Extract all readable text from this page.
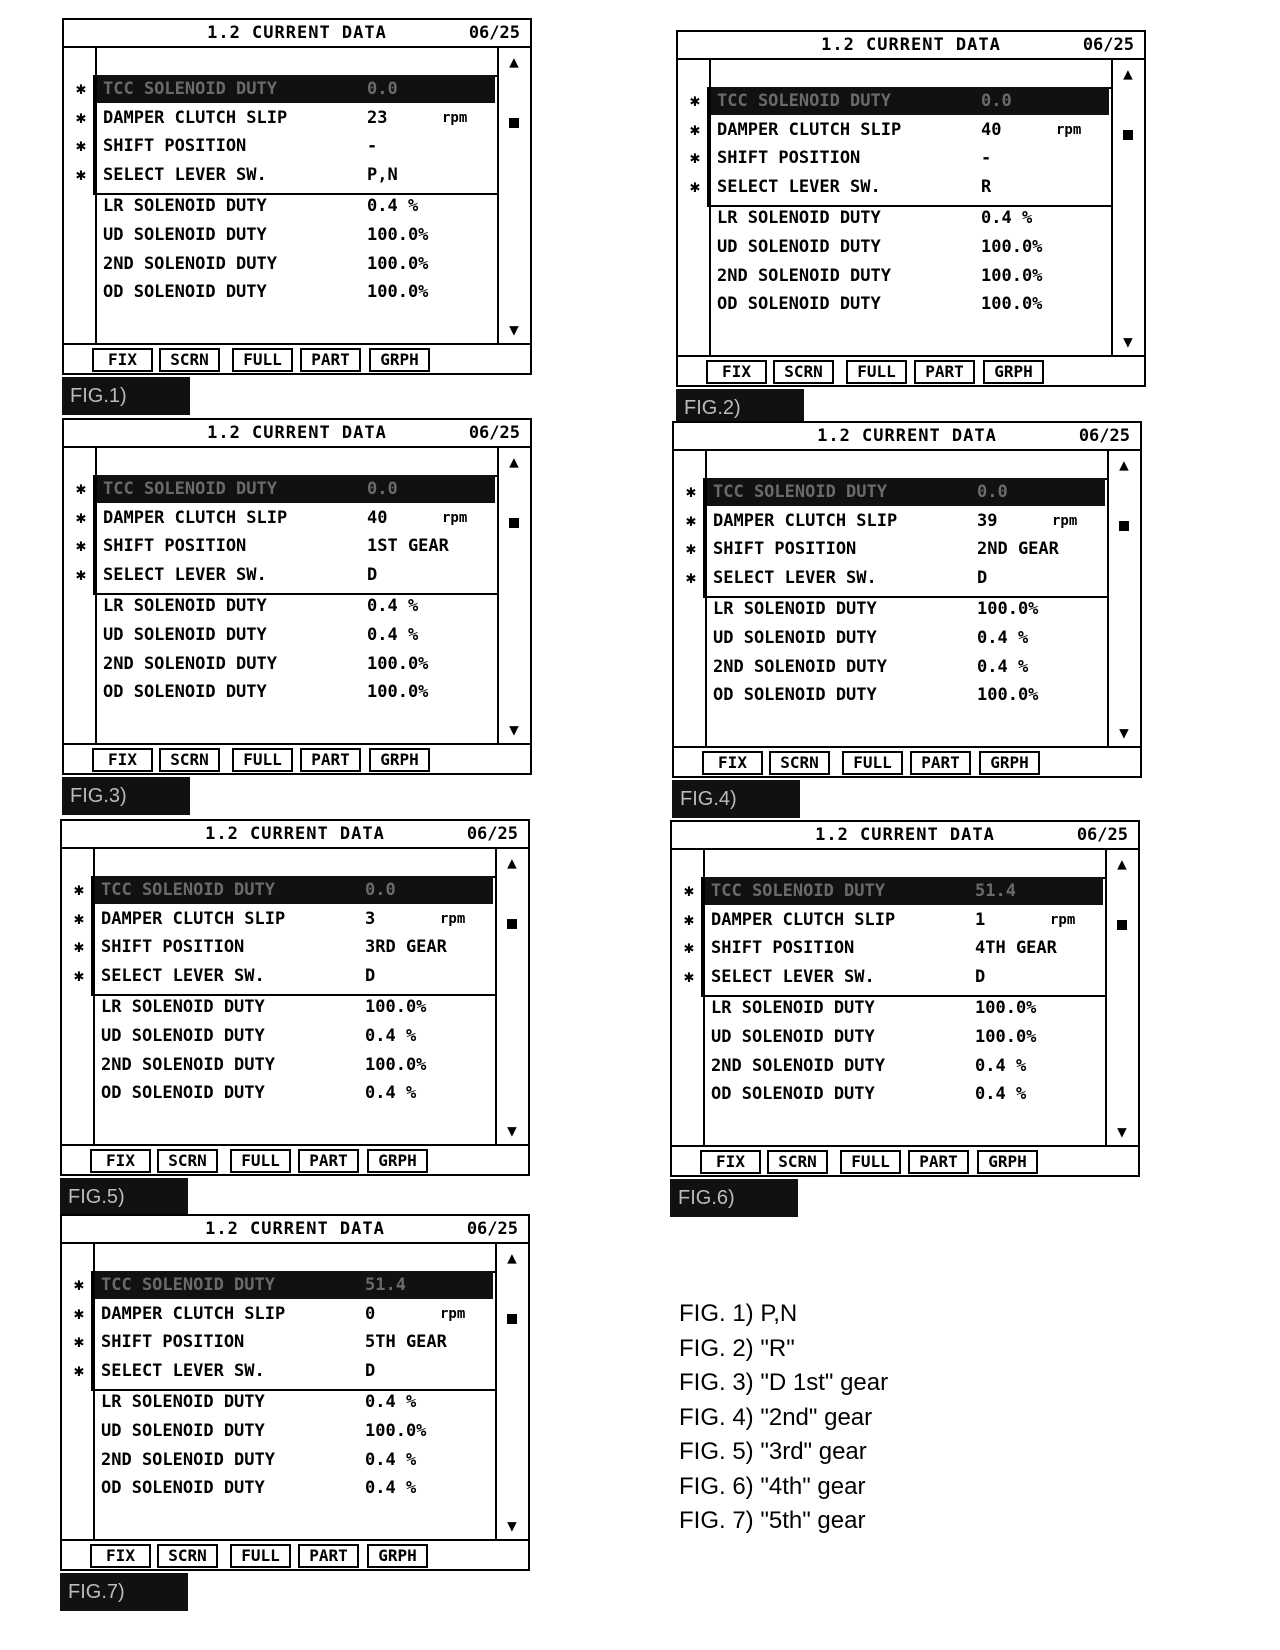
1.2 CURRENT DATA	06/25
✱ TCC SOLENOID DUTY	0.0
✱ DAMPER CLUTCH SLIP	23	rpm
✱ SHIFT POSITION	-
✱ SELECT LEVER SW.	P,N
LR SOLENOID DUTY	0.4 %
UD SOLENOID DUTY	100.0%
2ND SOLENOID DUTY	100.0%
OD SOLENOID DUTY	100.0%
▲
▼
FIX	SCRN	FULL	PART	GRPH
FIG.1)
1.2 CURRENT DATA	06/25
✱ TCC SOLENOID DUTY	0.0
✱ DAMPER CLUTCH SLIP	40	rpm
✱ SHIFT POSITION	-
✱ SELECT LEVER SW.	R
LR SOLENOID DUTY	0.4 %
UD SOLENOID DUTY	100.0%
2ND SOLENOID DUTY	100.0%
OD SOLENOID DUTY	100.0%
▲
▼
FIX	SCRN	FULL	PART	GRPH
FIG.2)
1.2 CURRENT DATA	06/25
✱ TCC SOLENOID DUTY	0.0
✱ DAMPER CLUTCH SLIP	40	rpm
✱ SHIFT POSITION	1ST GEAR
✱ SELECT LEVER SW.	D
LR SOLENOID DUTY	0.4 %
UD SOLENOID DUTY	0.4 %
2ND SOLENOID DUTY	100.0%
OD SOLENOID DUTY	100.0%
▲
▼
FIX	SCRN	FULL	PART	GRPH
FIG.3)
1.2 CURRENT DATA	06/25
✱ TCC SOLENOID DUTY	0.0
✱ DAMPER CLUTCH SLIP	39	rpm
✱ SHIFT POSITION	2ND GEAR
✱ SELECT LEVER SW.	D
LR SOLENOID DUTY	100.0%
UD SOLENOID DUTY	0.4 %
2ND SOLENOID DUTY	0.4 %
OD SOLENOID DUTY	100.0%
▲
▼
FIX	SCRN	FULL	PART	GRPH
FIG.4)
1.2 CURRENT DATA	06/25
✱ TCC SOLENOID DUTY	0.0
✱ DAMPER CLUTCH SLIP	3	rpm
✱ SHIFT POSITION	3RD GEAR
✱ SELECT LEVER SW.	D
LR SOLENOID DUTY	100.0%
UD SOLENOID DUTY	0.4 %
2ND SOLENOID DUTY	100.0%
OD SOLENOID DUTY	0.4 %
▲
▼
FIX	SCRN	FULL	PART	GRPH
FIG.5)
1.2 CURRENT DATA	06/25
✱ TCC SOLENOID DUTY	51.4
✱ DAMPER CLUTCH SLIP	1	rpm
✱ SHIFT POSITION	4TH GEAR
✱ SELECT LEVER SW.	D
LR SOLENOID DUTY	100.0%
UD SOLENOID DUTY	100.0%
2ND SOLENOID DUTY	0.4 %
OD SOLENOID DUTY	0.4 %
▲
▼
FIX	SCRN	FULL	PART	GRPH
FIG.6)
1.2 CURRENT DATA	06/25
✱ TCC SOLENOID DUTY	51.4
✱ DAMPER CLUTCH SLIP	0	rpm
✱ SHIFT POSITION	5TH GEAR
✱ SELECT LEVER SW.	D
LR SOLENOID DUTY	0.4 %
UD SOLENOID DUTY	100.0%
2ND SOLENOID DUTY	0.4 %
OD SOLENOID DUTY	0.4 %
▲
▼
FIX	SCRN	FULL	PART	GRPH
FIG.7)
FIG. 1) P,N
FIG. 2) "R"
FIG. 3) "D 1st" gear
FIG. 4) "2nd" gear
FIG. 5) "3rd" gear
FIG. 6) "4th" gear
FIG. 7) "5th" gear
